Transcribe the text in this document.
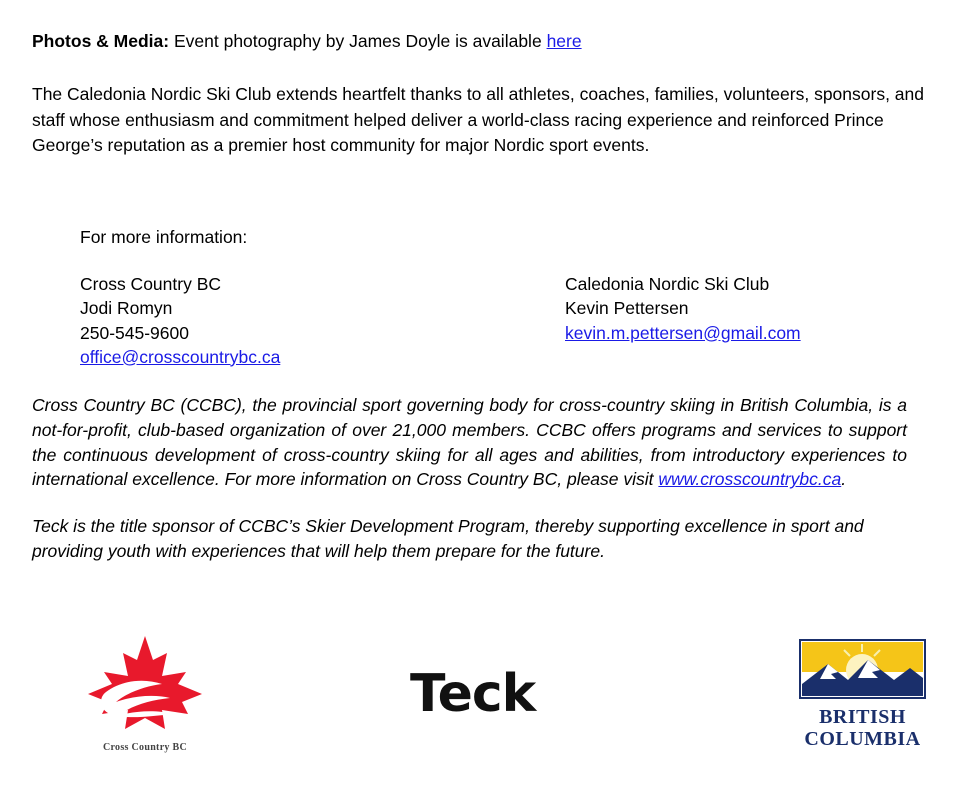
Photos & Media: Event photography by James Doyle is available here

The Caledonia Nordic Ski Club extends heartfelt thanks to all athletes, coaches, families, volunteers, sponsors, and staff whose enthusiasm and commitment helped deliver a world-class racing experience and reinforced Prince George’s reputation as a premier host community for major Nordic sport events.

For more information:
Cross Country BC
Jodi Romyn
250-545-9600
office@crosscountrybc.ca
Caledonia Nordic Ski Club
Kevin Pettersen
kevin.m.pettersen@gmail.com

Cross Country BC (CCBC), the provincial sport governing body for cross-country skiing in British Columbia, is a not-for-profit, club-based organization of over 21,000 members. CCBC offers programs and services to support the continuous development of cross-country skiing for all ages and abilities, from introductory experiences to international excellence. For more information on Cross Country BC, please visit www.crosscountrybc.ca.

Teck is the title sponsor of CCBC’s Skier Development Program, thereby supporting excellence in sport and providing youth with experiences that will help them prepare for the future.

Cross Country BC
Teck	BRITISH
COLUMBIA
